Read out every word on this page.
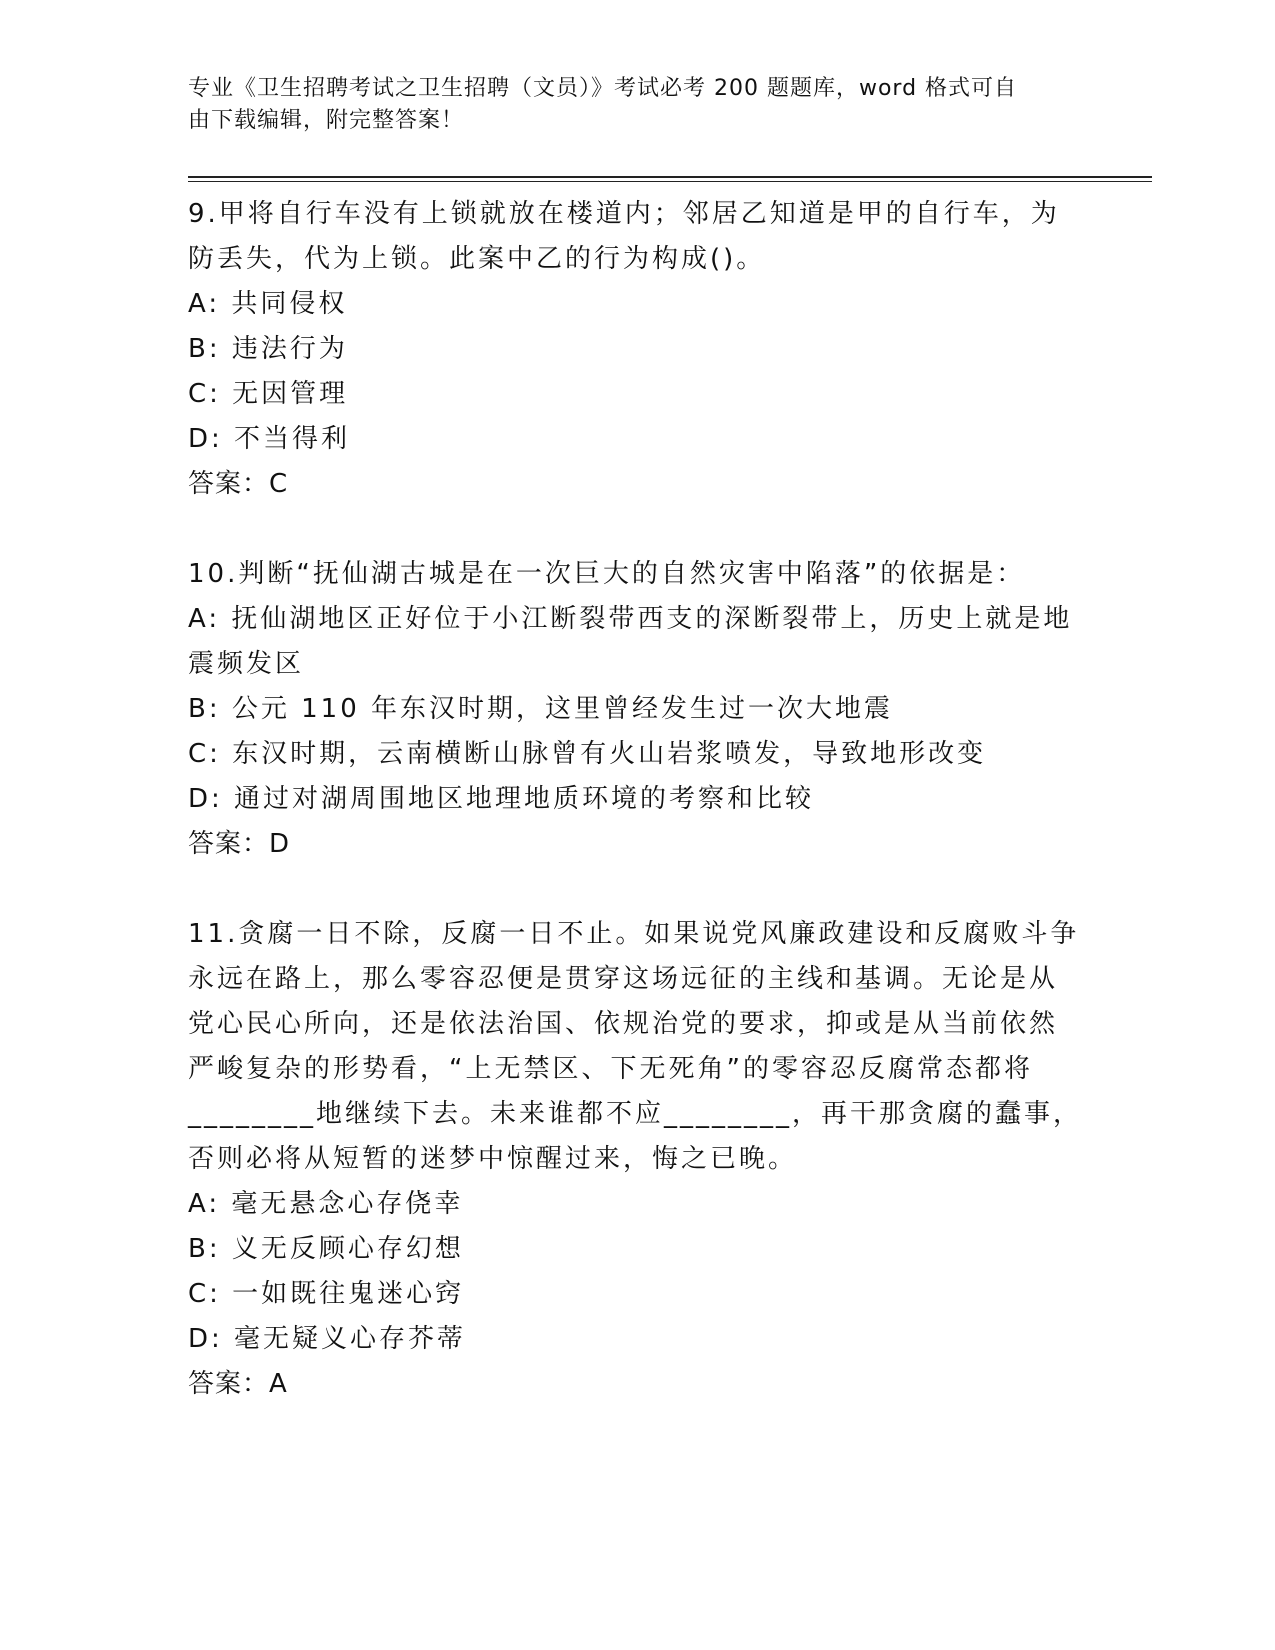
专业《卫生招聘考试之卫生招聘（文员）》考试必考 200 题题库，word 格式可自
由下载编辑，附完整答案！
9.甲将自行车没有上锁就放在楼道内；邻居乙知道是甲的自行车，为
防丢失，代为上锁。此案中乙的行为构成()。
A: 共同侵权
B: 违法行为
C: 无因管理
D: 不当得利
答案：C
10.判断“抚仙湖古城是在一次巨大的自然灾害中陷落”的依据是：
A: 抚仙湖地区正好位于小江断裂带西支的深断裂带上，历史上就是地
震频发区
B: 公元 110 年东汉时期，这里曾经发生过一次大地震
C: 东汉时期，云南横断山脉曾有火山岩浆喷发，导致地形改变
D: 通过对湖周围地区地理地质环境的考察和比较
答案：D
11.贪腐一日不除，反腐一日不止。如果说党风廉政建设和反腐败斗争
永远在路上，那么零容忍便是贯穿这场远征的主线和基调。无论是从
党心民心所向，还是依法治国、依规治党的要求，抑或是从当前依然
严峻复杂的形势看，“上无禁区、下无死角”的零容忍反腐常态都将
________地继续下去。未来谁都不应________，再干那贪腐的蠢事，
否则必将从短暂的迷梦中惊醒过来，悔之已晚。
A: 毫无悬念心存侥幸
B: 义无反顾心存幻想
C: 一如既往鬼迷心窍
D: 毫无疑义心存芥蒂
答案：A
